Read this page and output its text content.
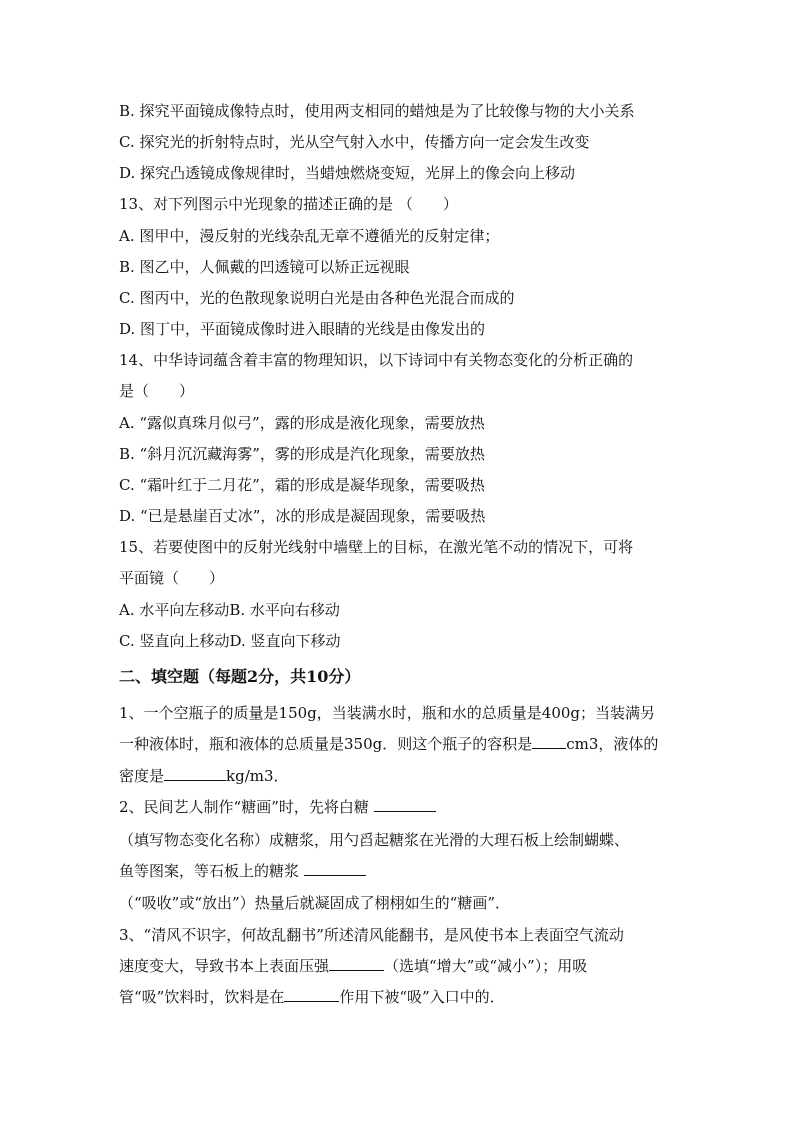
B. 探究平面镜成像特点时，使用两支相同的蜡烛是为了比较像与物的大小关系
C. 探究光的折射特点时，光从空气射入水中，传播方向一定会发生改变
D. 探究凸透镜成像规律时，当蜡烛燃烧变短，光屏上的像会向上移动
13、对下列图示中光现象的描述正确的是 （　　）
A. 图甲中，漫反射的光线杂乱无章不遵循光的反射定律；
B. 图乙中，人佩戴的凹透镜可以矫正远视眼
C. 图丙中，光的色散现象说明白光是由各种色光混合而成的
D. 图丁中，平面镜成像时进入眼睛的光线是由像发出的
14、中华诗词蕴含着丰富的物理知识，以下诗词中有关物态变化的分析正确的
是（　　）
A. “露似真珠月似弓”，露的形成是液化现象，需要放热
B. “斜月沉沉藏海雾”，雾的形成是汽化现象，需要放热
C. “霜叶红于二月花”，霜的形成是凝华现象，需要吸热
D. “已是悬崖百丈冰”，冰的形成是凝固现象，需要吸热
15、若要使图中的反射光线射中墙壁上的目标，在激光笔不动的情况下，可将
平面镜（　　）
A. 水平向左移动B. 水平向右移动
C. 竖直向上移动D. 竖直向下移动
二、填空题（每题2分，共10分）
1、一个空瓶子的质量是150g，当装满水时，瓶和水的总质量是400g；当装满另
一种液体时，瓶和液体的总质量是350g．则这个瓶子的容积是 cm3，液体的
密度是	kg/m3．
2、民间艺人制作“糖画”时，先将白糖
（填写物态变化名称）成糖浆，用勺舀起糖浆在光滑的大理石板上绘制蝴蝶、
鱼等图案，等石板上的糖浆
（“吸收”或“放出”）热量后就凝固成了栩栩如生的“糖画”．
3、“清风不识字，何故乱翻书”所述清风能翻书，是风使书本上表面空气流动
速度变大，导致书本上表面压强	（选填“增大”或“减小”）；用吸
管“吸”饮料时，饮料是在	作用下被“吸”入口中的．
